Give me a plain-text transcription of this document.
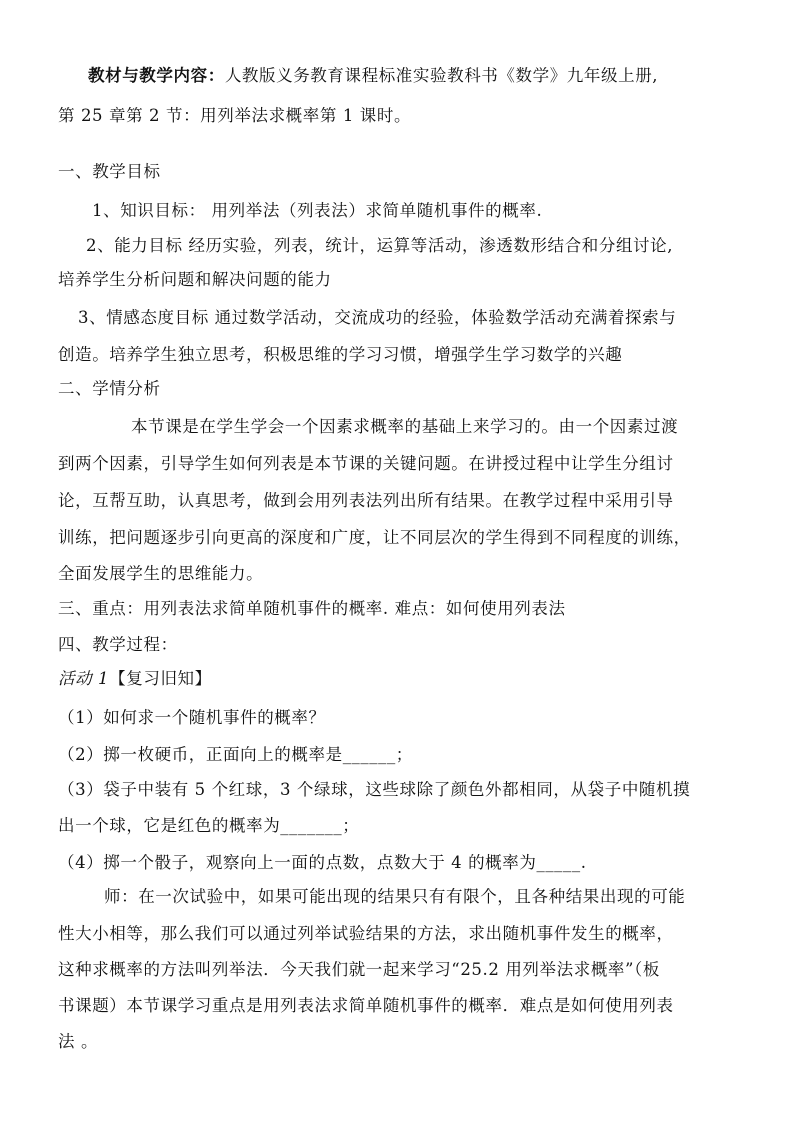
教材与教学内容：人教版义务教育课程标准实验教科书《数学》九年级上册,
第 25 章第 2 节：用列举法求概率第 1 课时。
一、教学目标
1、知识目标： 用列举法（列表法）求简单随机事件的概率.
2、能力目标 经历实验，列表，统计，运算等活动，渗透数形结合和分组讨论,
培养学生分析问题和解决问题的能力
3、情感态度目标 通过数学活动，交流成功的经验，体验数学活动充满着探索与
创造。培养学生独立思考，积极思维的学习习惯，增强学生学习数学的兴趣
二、学情分析
本节课是在学生学会一个因素求概率的基础上来学习的。由一个因素过渡
到两个因素，引导学生如何列表是本节课的关键问题。在讲授过程中让学生分组讨
论，互帮互助，认真思考，做到会用列表法列出所有结果。在教学过程中采用引导
训练，把问题逐步引向更高的深度和广度，让不同层次的学生得到不同程度的训练，
全面发展学生的思维能力。
三、重点：用列表法求简单随机事件的概率. 难点：如何使用列表法
四、教学过程：
活动 1【复习旧知】
（1）如何求一个随机事件的概率？
（2）掷一枚硬币，正面向上的概率是______；
（3）袋子中装有 5 个红球，3 个绿球，这些球除了颜色外都相同，从袋子中随机摸
出一个球，它是红色的概率为_______；
（4）掷一个骰子，观察向上一面的点数，点数大于 4 的概率为_____.
师：在一次试验中，如果可能出现的结果只有有限个，且各种结果出现的可能
性大小相等，那么我们可以通过列举试验结果的方法，求出随机事件发生的概率，
这种求概率的方法叫列举法．今天我们就一起来学习“25.2 用列举法求概率”（板
书课题）本节课学习重点是用列表法求简单随机事件的概率．难点是如何使用列表
法 。
